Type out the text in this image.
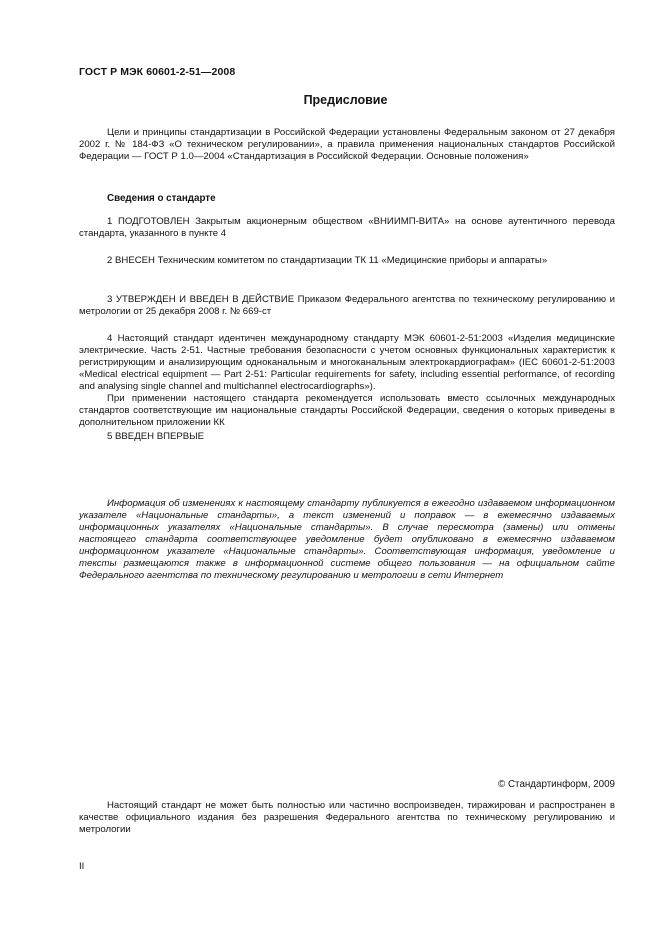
ГОСТ Р МЭК 60601-2-51—2008
Предисловие

Цели и принципы стандартизации в Российской Федерации установлены Федеральным законом от 27 декабря 2002 г. № 184-ФЗ «О техническом регулировании», а правила применения национальных стандартов Российской Федерации — ГОСТ Р 1.0—2004 «Стандартизация в Российской Федерации. Основные положения»

Сведения о стандарте

1 ПОДГОТОВЛЕН Закрытым акционерным обществом «ВНИИМП-ВИТА» на основе аутентичного перевода стандарта, указанного в пункте 4

2 ВНЕСЕН Техническим комитетом по стандартизации ТК 11 «Медицинские приборы и аппараты»

3 УТВЕРЖДЕН И ВВЕДЕН В ДЕЙСТВИЕ Приказом Федерального агентства по техническому регулированию и метрологии от 25 декабря 2008 г. № 669-ст

4 Настоящий стандарт идентичен международному стандарту МЭК 60601-2-51:2003 «Изделия медицинские электрические. Часть 2-51. Частные требования безопасности с учетом основных функциональных характеристик к регистрирующим и анализирующим одноканальным и многоканальным электрокардиографам» (IEC 60601-2-51:2003 «Medical electrical equipment — Part 2-51: Particular requirements for safety, including essential performance, of recording and analysing single channel and multichannel electrocardiographs»).

При применении настоящего стандарта рекомендуется использовать вместо ссылочных международных стандартов соответствующие им национальные стандарты Российской Федерации, сведения о которых приведены в дополнительном приложении КК

5 ВВЕДЕН ВПЕРВЫЕ

Информация об изменениях к настоящему стандарту публикуется в ежегодно издаваемом информационном указателе «Национальные стандарты», а текст изменений и поправок — в ежемесячно издаваемых информационных указателях «Национальные стандарты». В случае пересмотра (замены) или отмены настоящего стандарта соответствующее уведомление будет опубликовано в ежемесячно издаваемом информационном указателе «Национальные стандарты». Соответствующая информация, уведомление и тексты размещаются также в информационной системе общего пользования — на официальном сайте Федерального агентства по техническому регулированию и метрологии в сети Интернет

© Стандартинформ, 2009

Настоящий стандарт не может быть полностью или частично воспроизведен, тиражирован и распространен в качестве официального издания без разрешения Федерального агентства по техническому регулированию и метрологии

II
